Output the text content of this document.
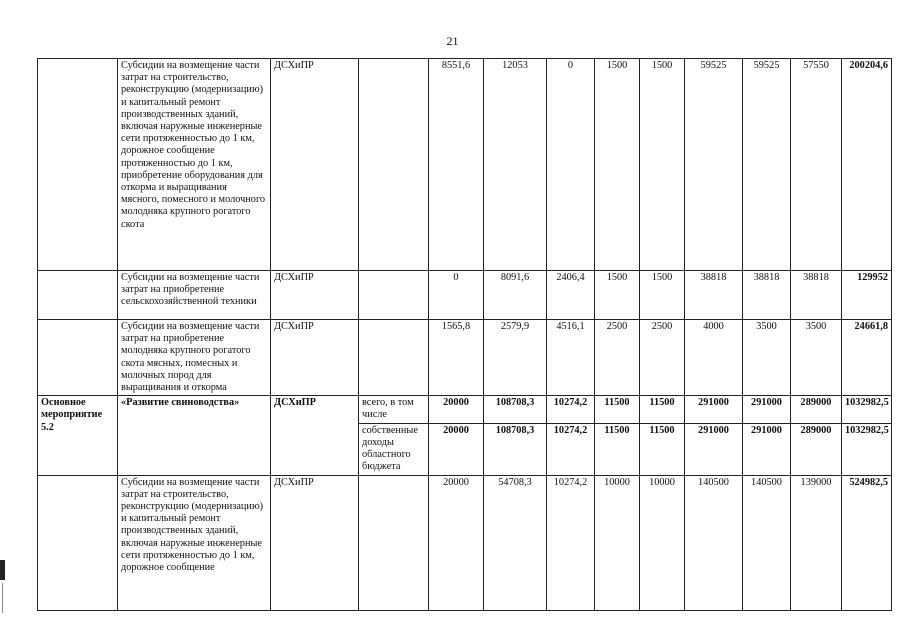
21
	Субсидии на возмещение части затрат на строительство, реконструкцию (модернизацию) и капитальный ремонт производственных зданий, включая наружные инженерные сети протяженностью до 1 км, дорожное сообщение протяженностью до 1 км, приобретение оборудования для откорма и выращивания мясного, помесного и молочного молодняка крупного рогатого скота	ДСХиПР		8551,6	12053	0	1500	1500	59525	59525	57550	200204,6
	Субсидии на возмещение части затрат на приобретение сельскохозяйственной техники	ДСХиПР		0	8091,6	2406,4	1500	1500	38818	38818	38818	129952
	Субсидии на возмещение части затрат на приобретение молодняка крупного рогатого скота мясных, помесных и молочных пород для выращивания и откорма	ДСХиПР		1565,8	2579,9	4516,1	2500	2500	4000	3500	3500	24661,8
Основное мероприятие 5.2	«Развитие свиноводства»	ДСХиПР	всего, в том числе	20000	108708,3	10274,2	11500	11500	291000	291000	289000	1032982,5
			собственные доходы областного бюджета	20000	108708,3	10274,2	11500	11500	291000	291000	289000	1032982,5
	Субсидии на возмещение части затрат на строительство, реконструкцию (модернизацию) и капитальный ремонт производственных зданий, включая наружные инженерные сети протяженностью до 1 км, дорожное сообщение	ДСХиПР		20000	54708,3	10274,2	10000	10000	140500	140500	139000	524982,5
